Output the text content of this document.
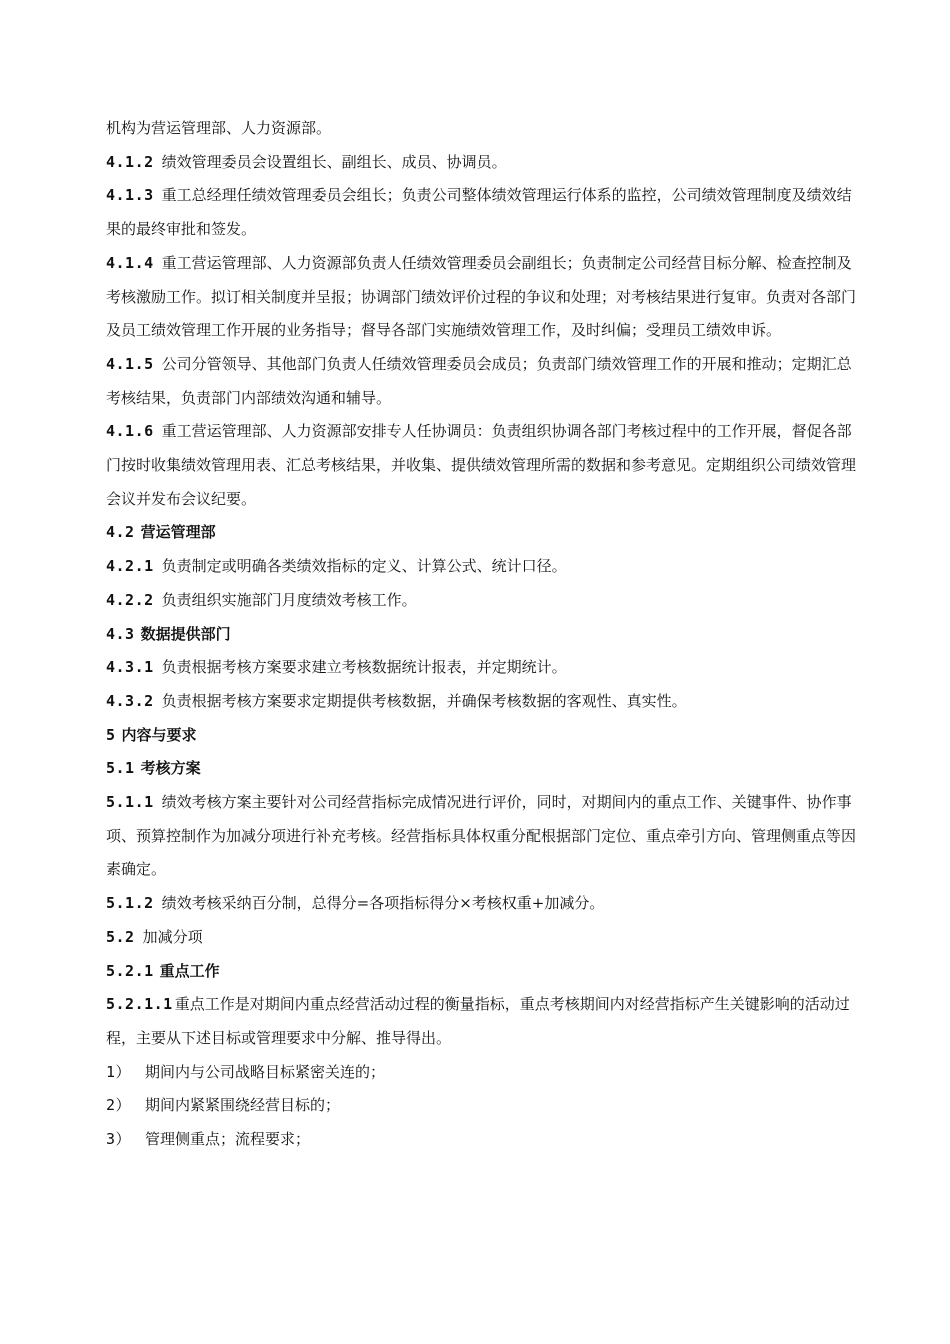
机构为营运管理部、人力资源部。

4.1.2 绩效管理委员会设置组长、副组长、成员、协调员。

4.1.3 重工总经理任绩效管理委员会组长；负责公司整体绩效管理运行体系的监控，公司绩效管理制度及绩效结果的最终审批和签发。

4.1.4 重工营运管理部、人力资源部负责人任绩效管理委员会副组长；负责制定公司经营目标分解、检查控制及考核激励工作。拟订相关制度并呈报；协调部门绩效评价过程的争议和处理；对考核结果进行复审。负责对各部门及员工绩效管理工作开展的业务指导；督导各部门实施绩效管理工作，及时纠偏；受理员工绩效申诉。

4.1.5 公司分管领导、其他部门负责人任绩效管理委员会成员；负责部门绩效管理工作的开展和推动；定期汇总考核结果，负责部门内部绩效沟通和辅导。

4.1.6 重工营运管理部、人力资源部安排专人任协调员：负责组织协调各部门考核过程中的工作开展，督促各部门按时收集绩效管理用表、汇总考核结果，并收集、提供绩效管理所需的数据和参考意见。定期组织公司绩效管理会议并发布会议纪要。

4.2 营运管理部

4.2.1 负责制定或明确各类绩效指标的定义、计算公式、统计口径。

4.2.2 负责组织实施部门月度绩效考核工作。

4.3 数据提供部门

4.3.1 负责根据考核方案要求建立考核数据统计报表，并定期统计。

4.3.2 负责根据考核方案要求定期提供考核数据，并确保考核数据的客观性、真实性。

5 内容与要求

5.1 考核方案

5.1.1 绩效考核方案主要针对公司经营指标完成情况进行评价，同时，对期间内的重点工作、关键事件、协作事项、预算控制作为加减分项进行补充考核。经营指标具体权重分配根据部门定位、重点牵引方向、管理侧重点等因素确定。

5.1.2 绩效考核采纳百分制，总得分=各项指标得分×考核权重+加减分。

5.2 加减分项

5.2.1 重点工作

5.2.1.1 重点工作是对期间内重点经营活动过程的衡量指标，重点考核期间内对经营指标产生关键影响的活动过程，主要从下述目标或管理要求中分解、推导得出。

1） 期间内与公司战略目标紧密关连的；

2） 期间内紧紧围绕经营目标的；

3） 管理侧重点；流程要求；
